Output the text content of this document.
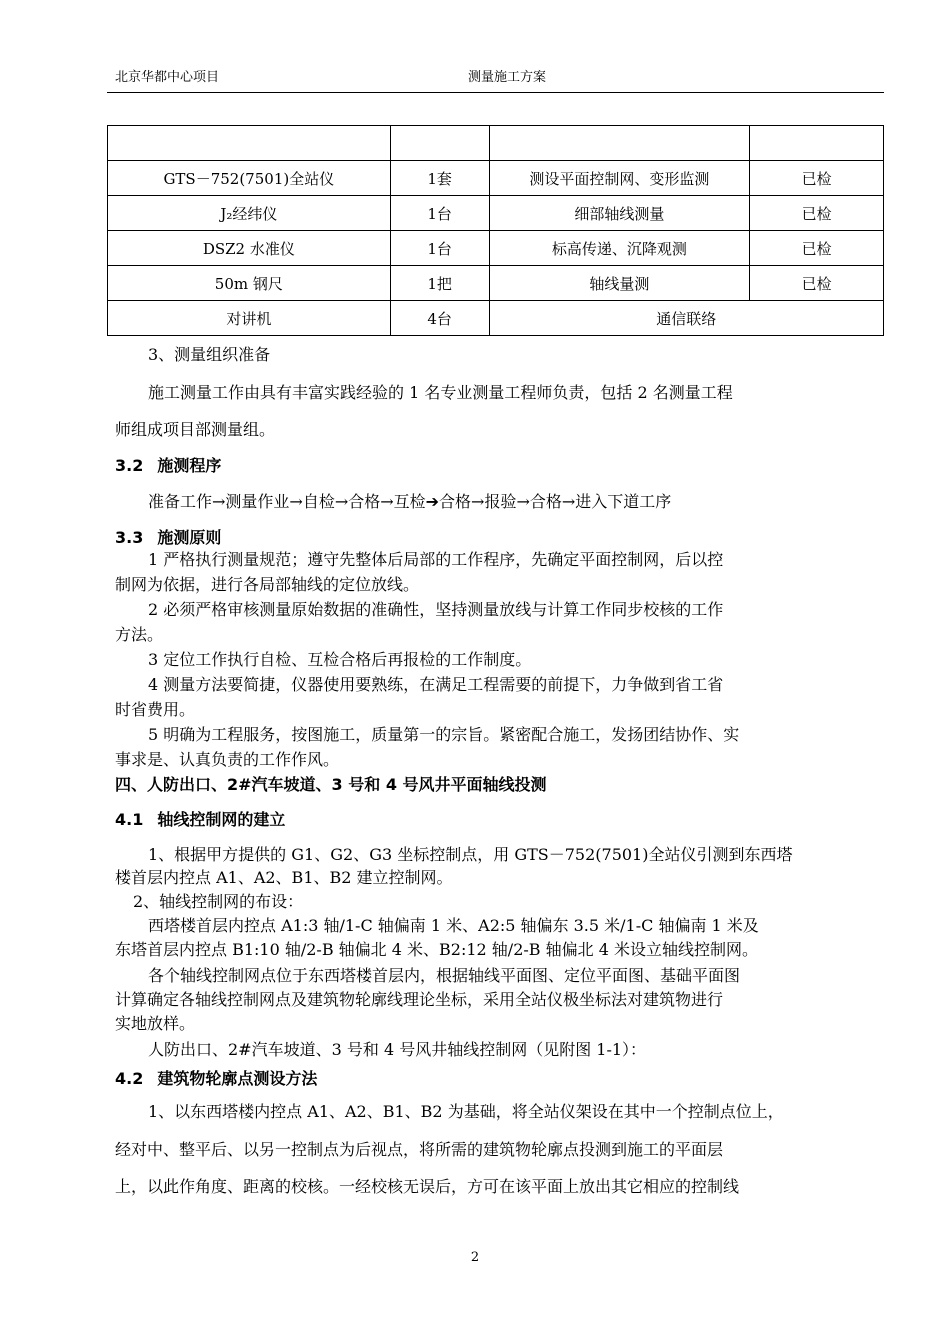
北京华都中心项目	测量施工方案

GTS－752(7501)全站仪	1套	测设平面控制网、变形监测	已检
J₂经纬仪	1台	细部轴线测量	已检
DSZ2 水准仪	1台	标高传递、沉降观测	已检
50m 钢尺	1把	轴线量测	已检
对讲机	4台	通信联络	
3、测量组织准备
施工测量工作由具有丰富实践经验的 1 名专业测量工程师负责，包括 2 名测量工程
师组成项目部测量组。
3.2 施测程序
准备工作→测量作业→自检→合格→互检➔合格→报验→合格→进入下道工序
3.3 施测原则
1 严格执行测量规范；遵守先整体后局部的工作程序，先确定平面控制网，后以控
制网为依据，进行各局部轴线的定位放线。
2 必须严格审核测量原始数据的准确性，坚持测量放线与计算工作同步校核的工作
方法。
3 定位工作执行自检、互检合格后再报检的工作制度。
4 测量方法要简捷，仪器使用要熟练，在满足工程需要的前提下，力争做到省工省
时省费用。
5 明确为工程服务，按图施工，质量第一的宗旨。紧密配合施工，发扬团结协作、实
事求是、认真负责的工作作风。
四、人防出口、2#汽车坡道、3 号和 4 号风井平面轴线投测
4.1 轴线控制网的建立
1、根据甲方提供的 G1、G2、G3 坐标控制点，用 GTS－752(7501)全站仪引测到东西塔
楼首层内控点 A1、A2、B1、B2 建立控制网。
2、轴线控制网的布设：
西塔楼首层内控点 A1:3 轴/1-C 轴偏南 1 米、A2:5 轴偏东 3.5 米/1-C 轴偏南 1 米及
东塔首层内控点 B1:10 轴/2-B 轴偏北 4 米、B2:12 轴/2-B 轴偏北 4 米设立轴线控制网。
各个轴线控制网点位于东西塔楼首层内，根据轴线平面图、定位平面图、基础平面图
计算确定各轴线控制网点及建筑物轮廓线理论坐标，采用全站仪极坐标法对建筑物进行
实地放样。
人防出口、2#汽车坡道、3 号和 4 号风井轴线控制网（见附图 1-1）：
4.2 建筑物轮廓点测设方法
1、以东西塔楼内控点 A1、A2、B1、B2 为基础，将全站仪架设在其中一个控制点位上，
经对中、整平后、以另一控制点为后视点，将所需的建筑物轮廓点投测到施工的平面层
上，以此作角度、距离的校核。一经校核无误后，方可在该平面上放出其它相应的控制线
2
